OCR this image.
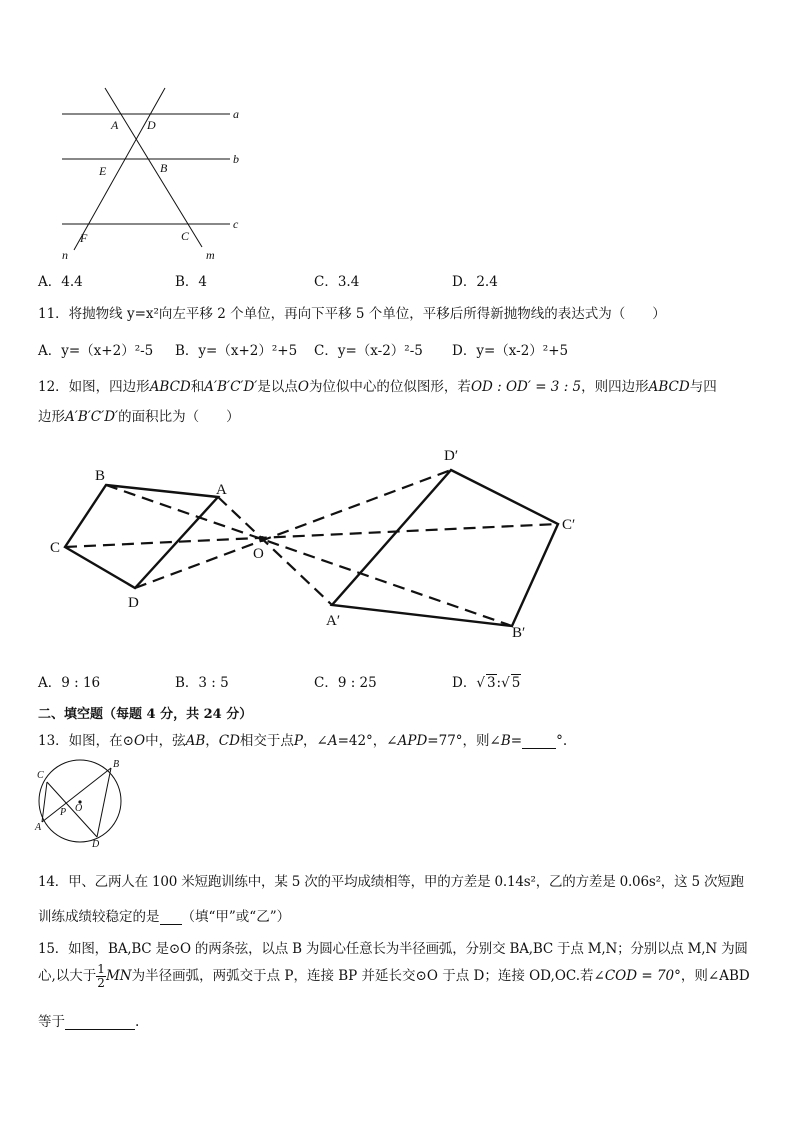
a
b
c
n	m
A D
E	B
F	C
A．4.4	B．4	C．3.4	D．2.4
11．将抛物线 y=x²向左平移 2 个单位，再向下平移 5 个单位，平移后所得新抛物线的表达式为（　　）
A．y=（x+2）²-5 B．y=（x+2）²+5 C．y=（x-2）²-5 D．y=（x-2）²+5
12．如图，四边形ABCD和A′B′C′D′是以点O为位似中心的位似图形，若OD : OD′ = 3 : 5，则四边形ABCD与四
边形A′B′C′D′的面积比为（　　）
B
A
C	O
D
D′
C′
A′
B′
A．9 : 16	B．3 : 5	C．9 : 25	D．√ 3:√ 5
二、填空题（每题 4 分，共 24 分）
13．如图，在⊙O中，弦AB，CD相交于点P，∠A=42°，∠APD=77°，则∠B=	°.
C
B
P O
A
D
14．甲、乙两人在 100 米短跑训练中，某 5 次的平均成绩相等，甲的方差是 0.14s²，乙的方差是 0.06s²，这 5 次短跑
训练成绩较稳定的是 （填“甲”或“乙”）
15．如图，BA,BC 是⊙O 的两条弦，以点 B 为圆心任意长为半径画弧，分别交 BA,BC 于点 M,N；分别以点 M,N 为圆
心,以大于 $\frac{1}{2}$ MN为半径画弧，两弧交于点 P，连接 BP 并延长交⊙O 于点 D；连接 OD,OC.若∠COD = 70°，则∠ABD
等于	.
